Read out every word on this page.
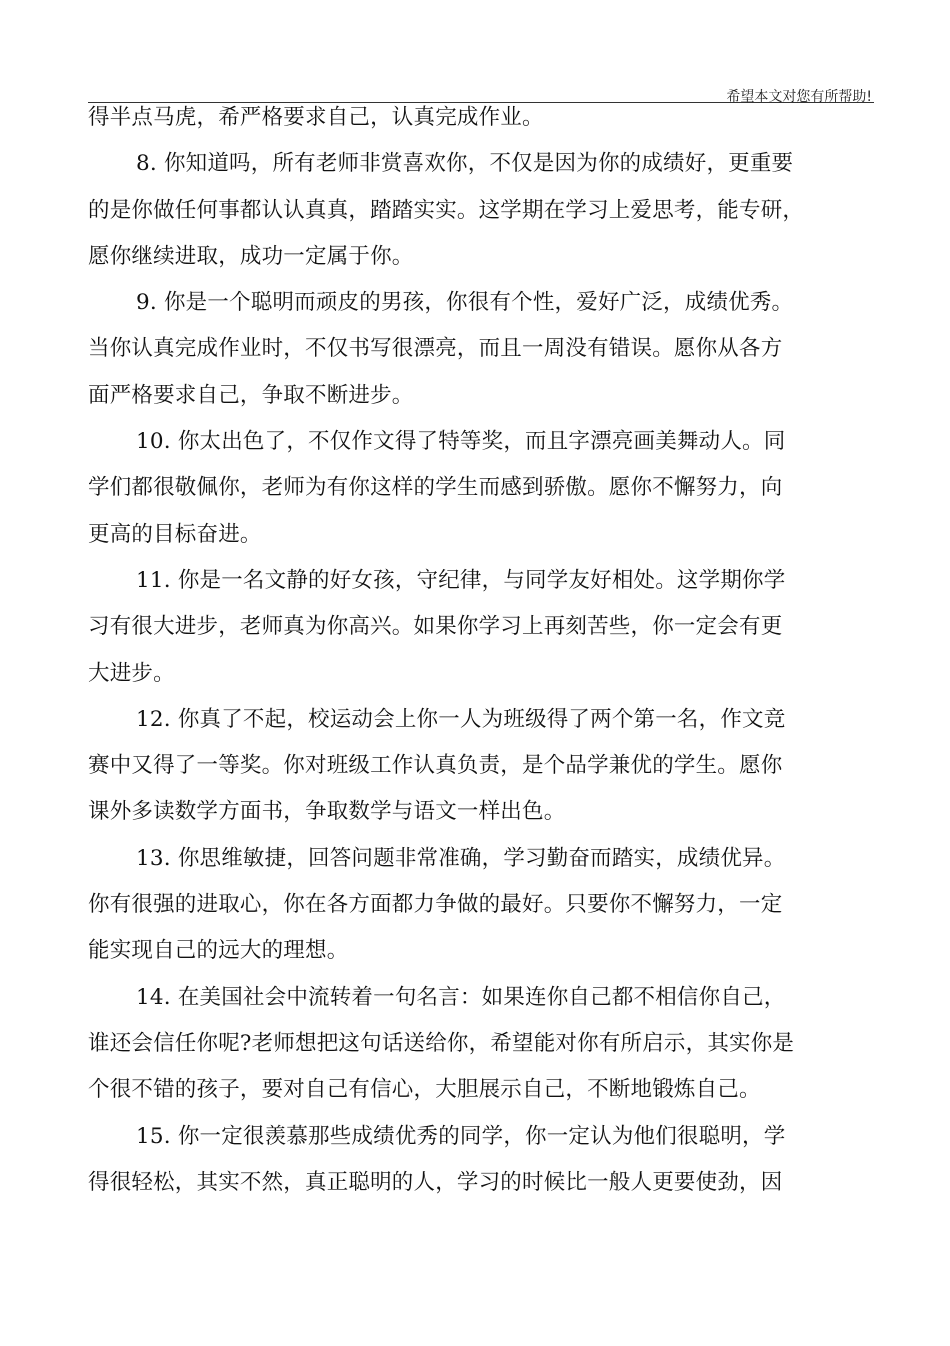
希望本文对您有所帮助!
得半点马虎，希严格要求自己，认真完成作业。
8. 你知道吗，所有老师非赏喜欢你，不仅是因为你的成绩好，更重要
的是你做任何事都认认真真，踏踏实实。这学期在学习上爱思考，能专研，
愿你继续进取，成功一定属于你。
9. 你是一个聪明而顽皮的男孩，你很有个性，爱好广泛，成绩优秀。
当你认真完成作业时，不仅书写很漂亮，而且一周没有错误。愿你从各方
面严格要求自己，争取不断进步。
10. 你太出色了，不仅作文得了特等奖，而且字漂亮画美舞动人。同
学们都很敬佩你，老师为有你这样的学生而感到骄傲。愿你不懈努力，向
更高的目标奋进。
11. 你是一名文静的好女孩，守纪律，与同学友好相处。这学期你学
习有很大进步，老师真为你高兴。如果你学习上再刻苦些，你一定会有更
大进步。
12. 你真了不起，校运动会上你一人为班级得了两个第一名，作文竞
赛中又得了一等奖。你对班级工作认真负责，是个品学兼优的学生。愿你
课外多读数学方面书，争取数学与语文一样出色。
13. 你思维敏捷，回答问题非常准确，学习勤奋而踏实，成绩优异。
你有很强的进取心，你在各方面都力争做的最好。只要你不懈努力，一定
能实现自己的远大的理想。
14. 在美国社会中流转着一句名言：如果连你自己都不相信你自己，
谁还会信任你呢?老师想把这句话送给你，希望能对你有所启示，其实你是
个很不错的孩子，要对自己有信心，大胆展示自己，不断地锻炼自己。
15. 你一定很羡慕那些成绩优秀的同学，你一定认为他们很聪明，学
得很轻松，其实不然，真正聪明的人，学习的时候比一般人更要使劲，因
